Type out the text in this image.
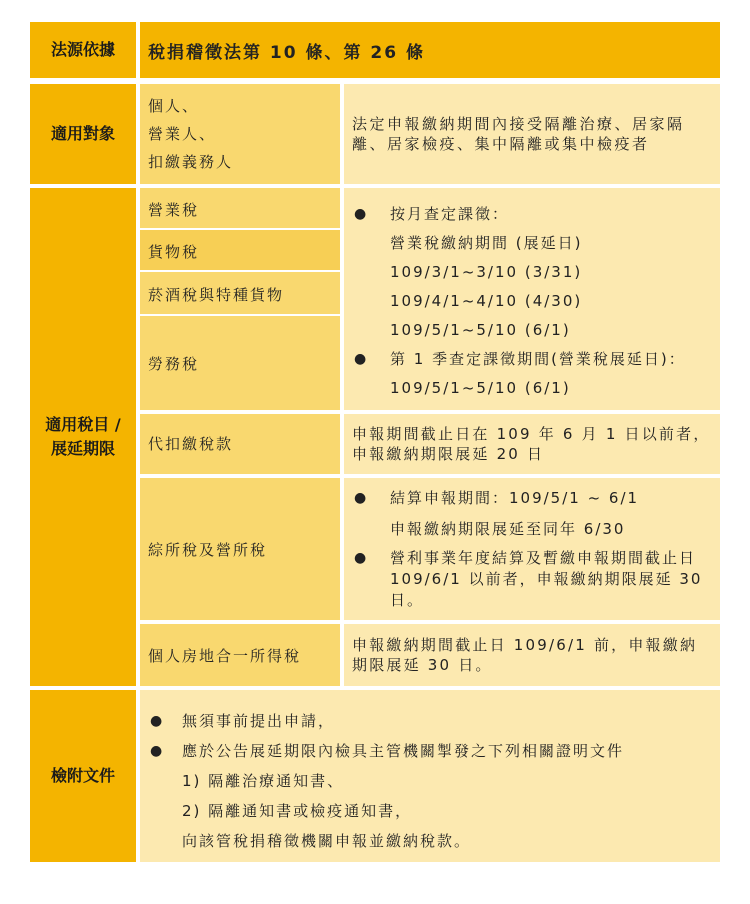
法源依據 稅捐稽徵法第 10 條、第 26 條
適用對象
個人、
營業人、
扣繳義務人
法定申報繳納期間內接受隔離治療、居家隔離、居家檢疫、集中隔離或集中檢疫者
適用稅目 / 展延期限
營業稅
貨物稅
菸酒稅與特種貨物
勞務稅
● 按月查定課徵：
營業稅繳納期間 (展延日)
109/3/1~3/10 (3/31)
109/4/1~4/10 (4/30)
109/5/1~5/10 (6/1)
● 第 1 季查定課徵期間(營業稅展延日)：
109/5/1~5/10 (6/1)
代扣繳稅款
申報期間截止日在 109 年 6 月 1 日以前者，申報繳納期限展延 20 日
綜所稅及營所稅
● 結算申報期間：109/5/1 ~ 6/1
申報繳納期限展延至同年 6/30
● 營利事業年度結算及暫繳申報期間截止日 109/6/1 以前者，申報繳納期限展延 30 日。
個人房地合一所得稅
申報繳納期間截止日 109/6/1 前，申報繳納期限展延 30 日。
檢附文件
● 無須事前提出申請，
● 應於公告展延期限內檢具主管機關掣發之下列相關證明文件
1) 隔離治療通知書、
2) 隔離通知書或檢疫通知書，
向該管稅捐稽徵機關申報並繳納稅款。
